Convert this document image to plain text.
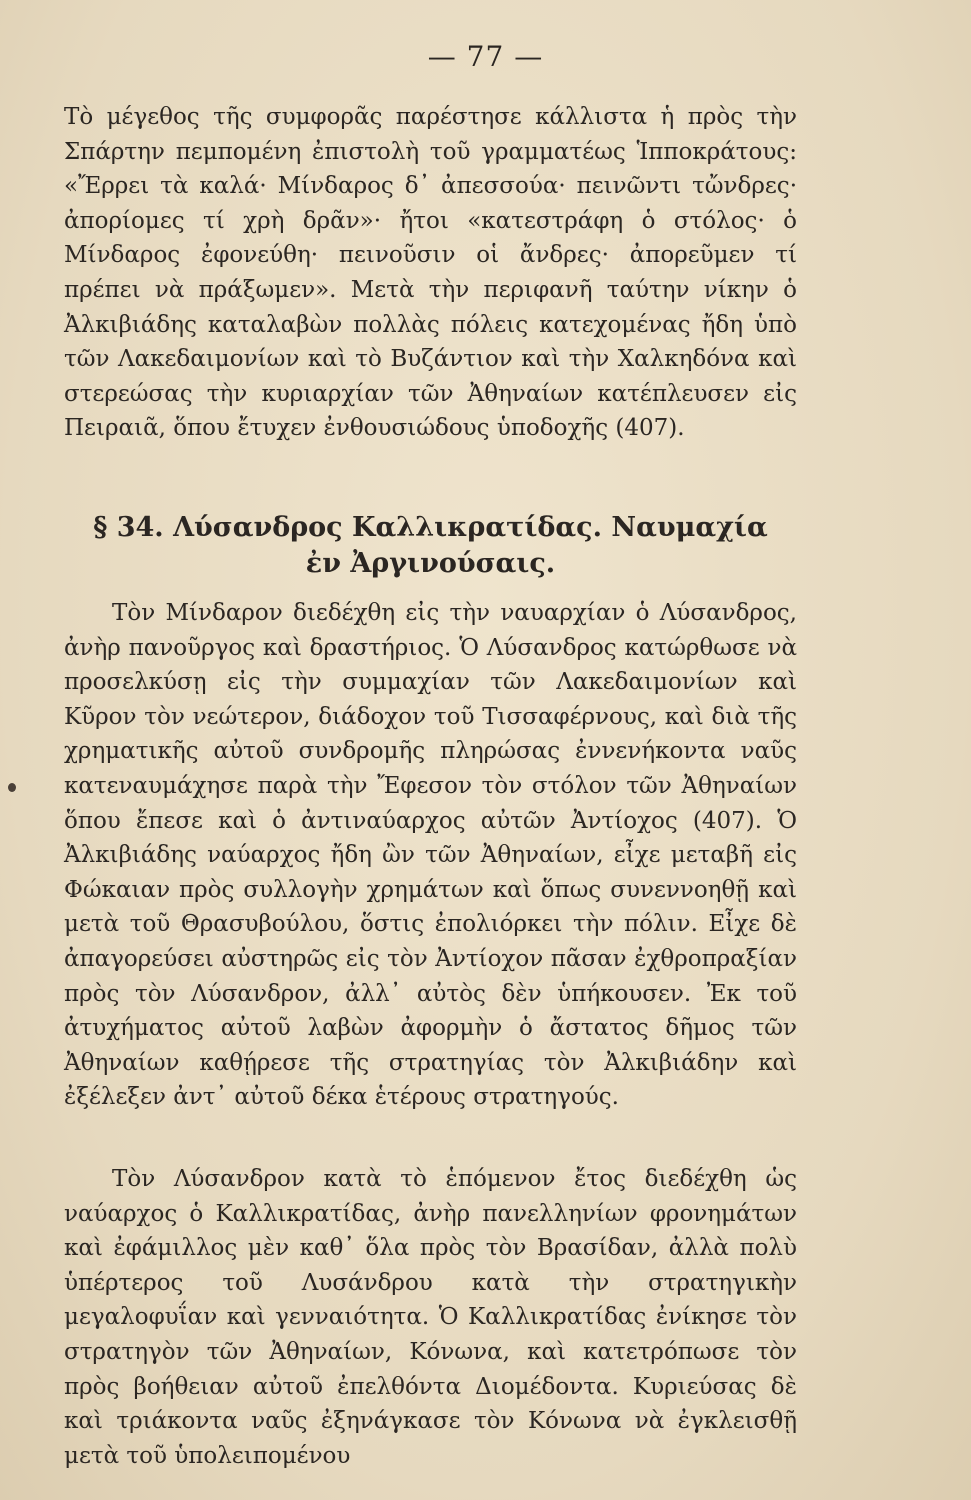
— 77 —

Τὸ μέγεθος τῆς συμφορᾶς παρέστησε κάλλιστα ἡ πρὸς τὴν Σπάρτην πεμπομένη ἐπιστολὴ τοῦ γραμματέως Ἱπποκράτους: «Ἔρρει τὰ καλά· Μίνδαρος δ᾽ ἀπεσσούα· πεινῶντι τὤνδρες· ἀπορίομες τί χρὴ δρᾶν»· ἤτοι «κατεστράφη ὁ στόλος· ὁ Μίνδαρος ἐφονεύθη· πεινοῦσιν οἱ ἄνδρες· ἀπορεῦμεν τί πρέπει νὰ πράξωμεν». Μετὰ τὴν περιφανῆ ταύτην νίκην ὁ Ἀλκιβιάδης καταλαβὼν πολλὰς πόλεις κατεχομένας ἤδη ὑπὸ τῶν Λακεδαιμονίων καὶ τὸ Βυζάντιον καὶ τὴν Χαλκηδόνα καὶ στερεώσας τὴν κυριαρχίαν τῶν Ἀθηναίων κατέπλευσεν εἰς Πειραιᾶ, ὅπου ἔτυχεν ἐνθουσιώδους ὑποδοχῆς (407).

§ 34. Λύσανδρος Καλλικρατίδας. Ναυμαχία
ἐν Ἀργινούσαις.

Τὸν Μίνδαρον διεδέχθη εἰς τὴν ναυαρχίαν ὁ Λύσανδρος, ἀνὴρ πανοῦργος καὶ δραστήριος. Ὁ Λύσανδρος κατώρθωσε νὰ προσελκύσῃ εἰς τὴν συμμαχίαν τῶν Λακεδαιμονίων καὶ Κῦρον τὸν νεώτερον, διάδοχον τοῦ Τισσαφέρνους, καὶ διὰ τῆς χρηματικῆς αὐτοῦ συνδρομῆς πληρώσας ἐννενήκοντα ναῦς κατεναυμάχησε παρὰ τὴν Ἔφεσον τὸν στόλον τῶν Ἀθηναίων ὅπου ἔπεσε καὶ ὁ ἀντιναύαρχος αὐτῶν Ἀντίοχος (407). Ὁ Ἀλκιβιάδης ναύαρχος ἤδη ὢν τῶν Ἀθηναίων, εἶχε μεταβῆ εἰς Φώκαιαν πρὸς συλλογὴν χρημάτων καὶ ὅπως συνεννοηθῇ καὶ μετὰ τοῦ Θρασυβούλου, ὅστις ἐπολιόρκει τὴν πόλιν. Εἶχε δὲ ἀπαγορεύσει αὐστηρῶς εἰς τὸν Ἀντίοχον πᾶσαν ἐχθροπραξίαν πρὸς τὸν Λύσανδρον, ἀλλ᾽ αὐτὸς δὲν ὑπήκουσεν. Ἐκ τοῦ ἀτυχήματος αὐτοῦ λαβὼν ἀφορμὴν ὁ ἄστατος δῆμος τῶν Ἀθηναίων καθῄρεσε τῆς στρατηγίας τὸν Ἀλκιβιάδην καὶ ἐξέλεξεν ἀντ᾽ αὐτοῦ δέκα ἑτέρους στρατηγούς.

Τὸν Λύσανδρον κατὰ τὸ ἑπόμενον ἔτος διεδέχθη ὡς ναύαρχος ὁ Καλλικρατίδας, ἀνὴρ πανελληνίων φρονημάτων καὶ ἐφάμιλλος μὲν καθ᾽ ὅλα πρὸς τὸν Βρασίδαν, ἀλλὰ πολὺ ὑπέρτερος τοῦ Λυσάνδρου κατὰ τὴν στρατηγικὴν μεγαλοφυΐαν καὶ γενναιότητα. Ὁ Καλλικρατίδας ἐνίκησε τὸν στρατηγὸν τῶν Ἀθηναίων, Κόνωνα, καὶ κατετρόπωσε τὸν πρὸς βοήθειαν αὐτοῦ ἐπελθόντα Διομέδοντα. Κυριεύσας δὲ καὶ τριάκοντα ναῦς ἐξηνάγκασε τὸν Κόνωνα νὰ ἐγκλεισθῇ μετὰ τοῦ ὑπολειπομένου
